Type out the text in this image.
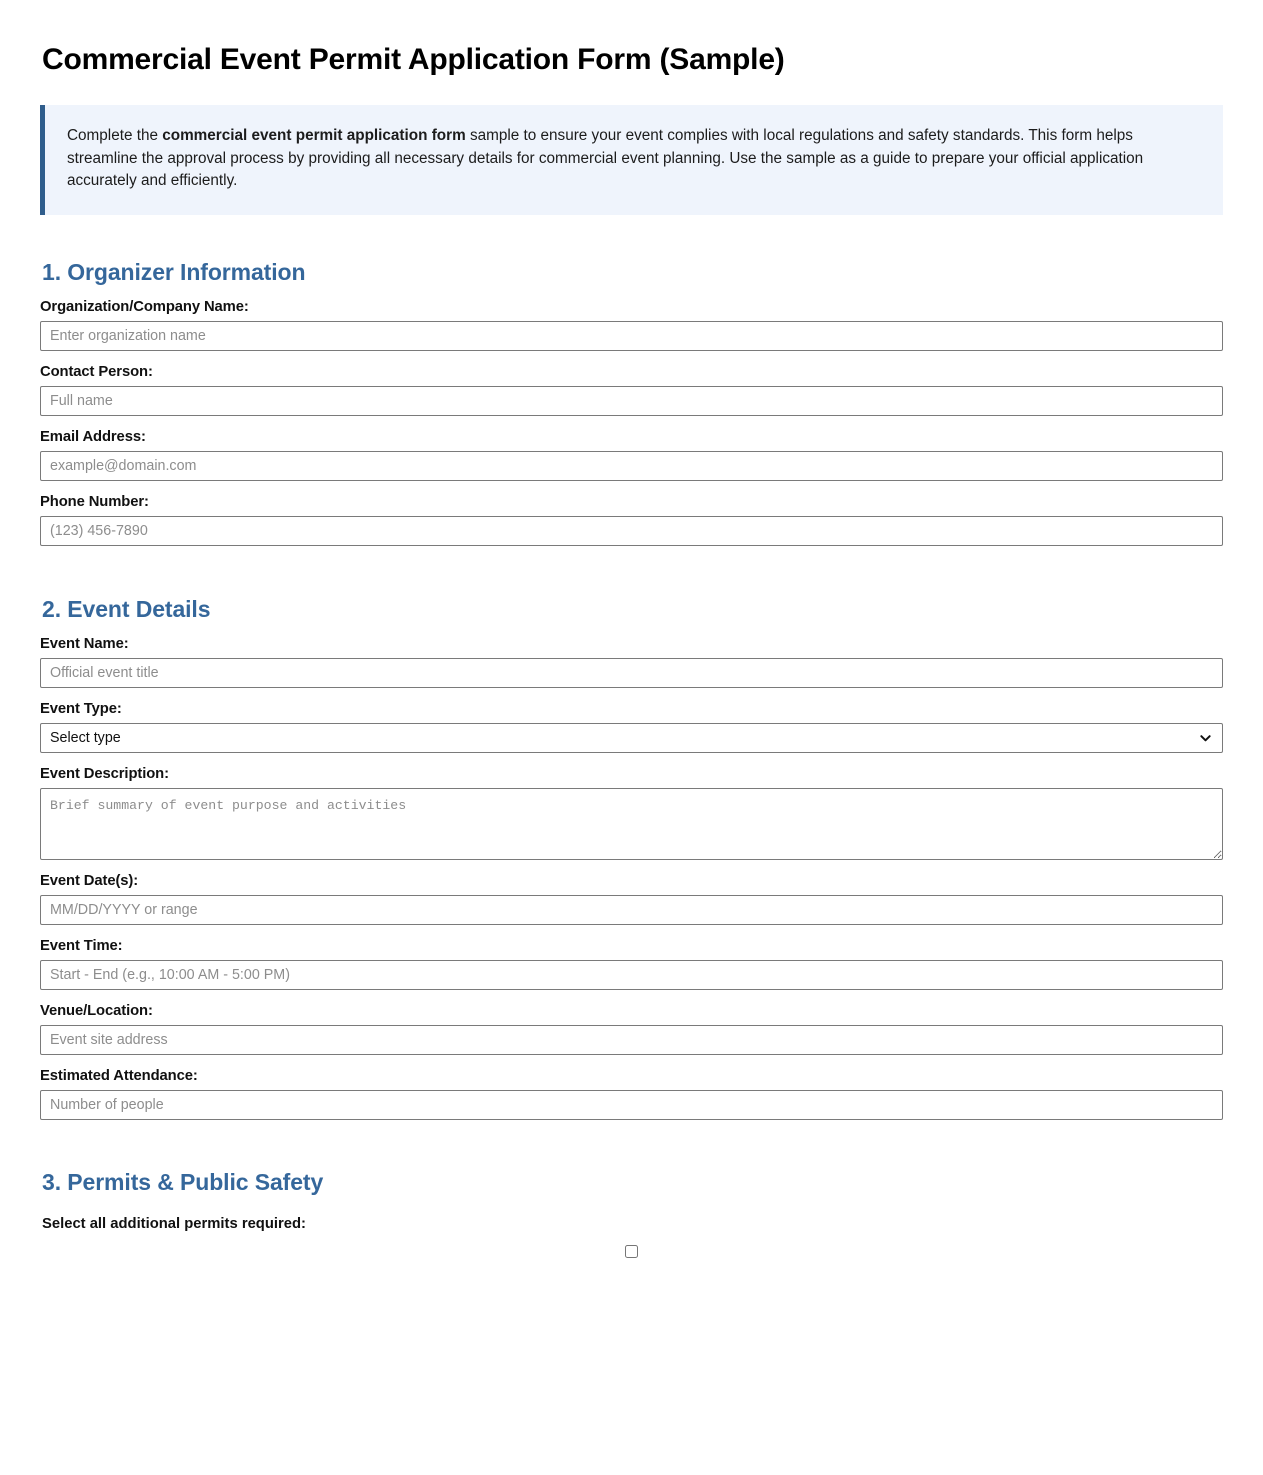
Commercial Event Permit Application Form (Sample)

Complete the commercial event permit application form sample to ensure your event complies with local regulations and safety standards. This form helps streamline the approval process by providing all necessary details for commercial event planning. Use the sample as a guide to prepare your official application accurately and efficiently.

1. Organizer Information
Organization/Company Name:
Enter organization name
Contact Person:
Full name
Email Address:
example@domain.com
Phone Number:
(123) 456-7890
2. Event Details
Event Name:
Official event title
Event Type:
Select type
Event Description:
Brief summary of event purpose and activities
Event Date(s):
MM/DD/YYYY or range
Event Time:
Start - End (e.g., 10:00 AM - 5:00 PM)
Venue/Location:
Event site address
Estimated Attendance:
Number of people
3. Permits & Public Safety
Select all additional permits required:
